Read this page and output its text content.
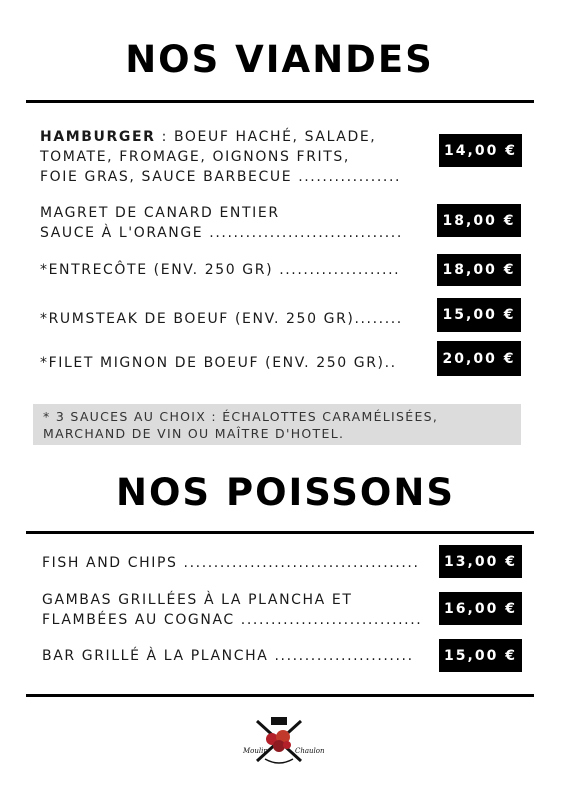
NOS VIANDES
HAMBURGER : BOEUF HACHÉ, SALADE,
TOMATE, FROMAGE, OIGNONS FRITS,
FOIE GRAS, SAUCE BARBECUE .................
14,00 €
MAGRET DE CANARD ENTIER
SAUCE À L'ORANGE ................................
18,00 €
*ENTRECÔTE (ENV. 250 GR) ....................	18,00 €
*RUMSTEAK DE BOEUF (ENV. 250 GR)........	15,00 €
*FILET MIGNON DE BOEUF (ENV. 250 GR)..	20,00 €
* 3 SAUCES AU CHOIX : ÉCHALOTTES CARAMÉLISÉES,
MARCHAND DE VIN OU MAÎTRE D'HOTEL.
NOS POISSONS
FISH AND CHIPS .......................................	13,00 €
GAMBAS GRILLÉES À LA PLANCHA ET
FLAMBÉES AU COGNAC ..............................
16,00 €
BAR GRILLÉ À LA PLANCHA .......................	15,00 €
Moulin	Chaulon
